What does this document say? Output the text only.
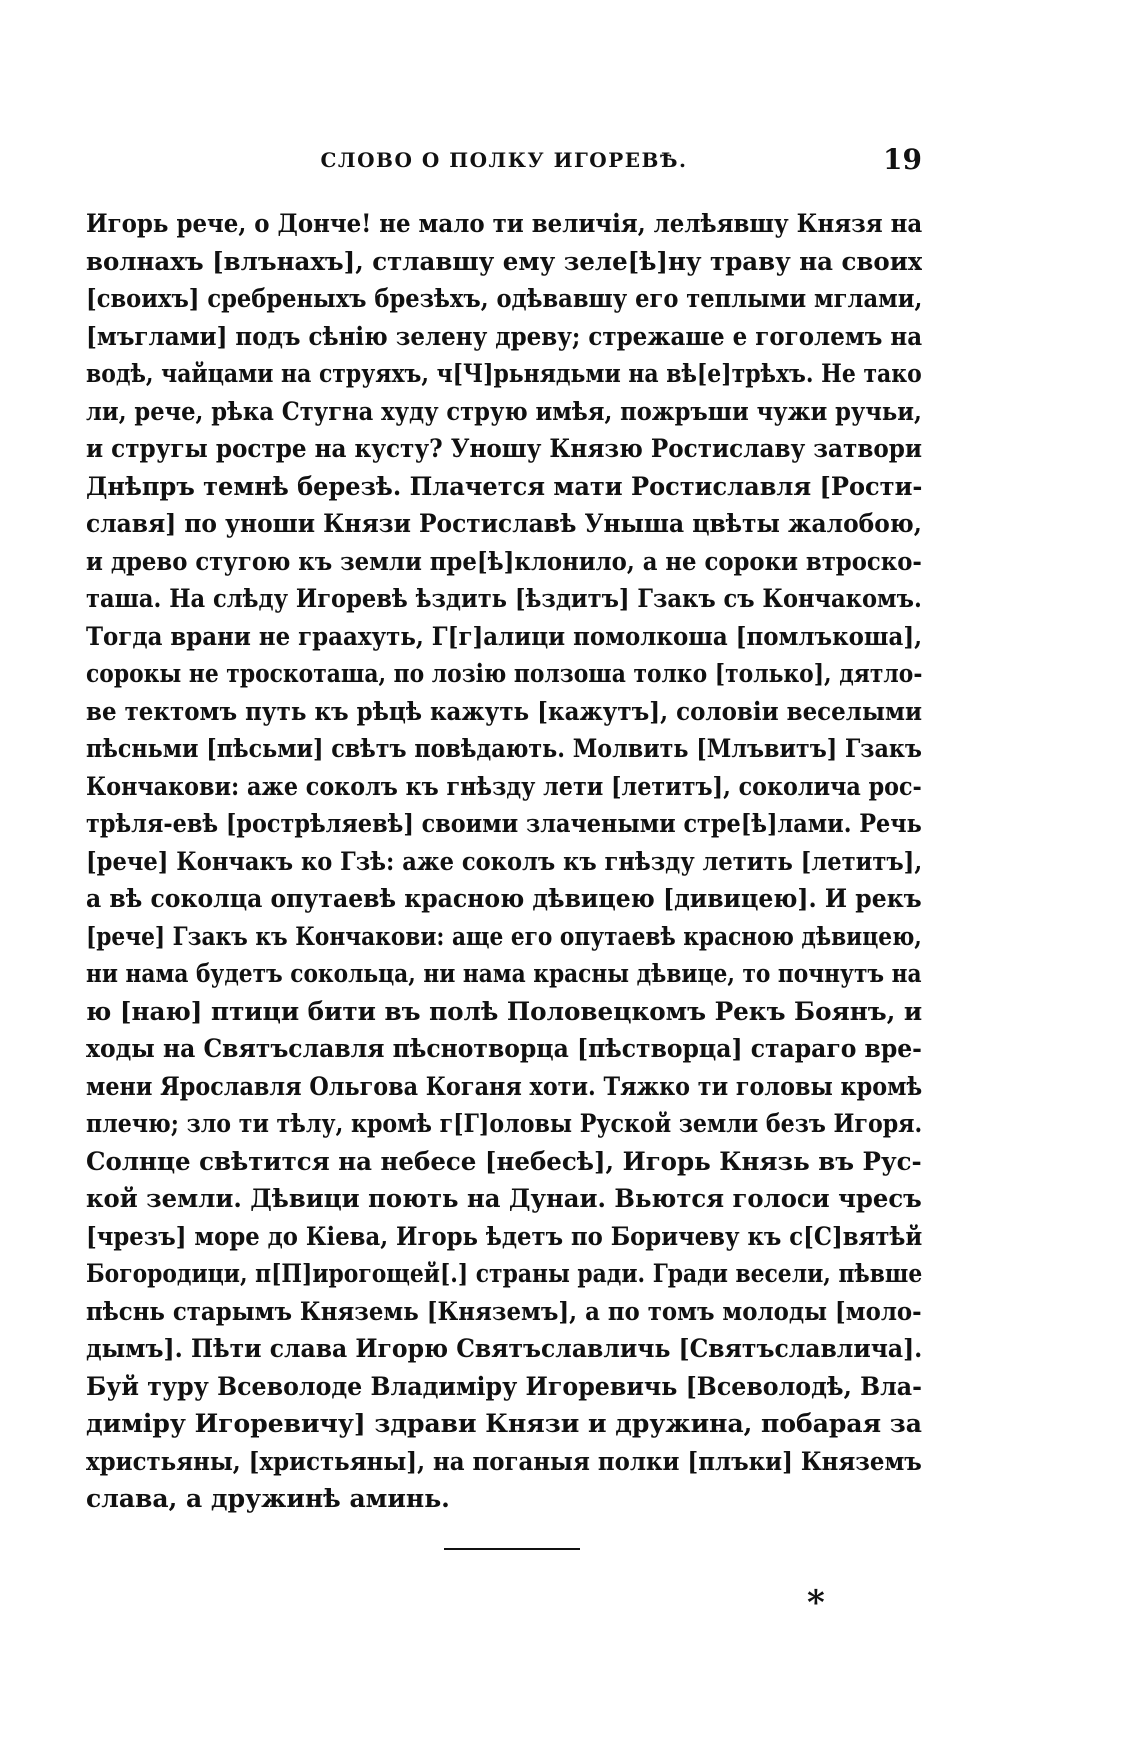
СЛОВО О ПОЛКУ ИГОРЕВѢ.	19
Игорь рече, о Донче! не мало ти величія, лелѣявшу Князя на
волнахъ [влънахъ], стлавшу ему зеле[ѣ]ну траву на своих
[своихъ] сребреныхъ брезѣхъ, одѣвавшу его теплыми мглами,
[мъглами] подъ сѣнію зелену древу; стрежаше е гоголемъ на
водѣ, чайцами на струяхъ, ч[Ч]рьнядьми на вѣ[е]трѣхъ. Не тако
ли, рече, рѣка Стугна худу струю имѣя, пожръши чужи ручьи,
и стругы ростре на кусту? Уношу Князю Ростиславу затвори
Днѣпръ темнѣ березѣ. Плачется мати Ростиславля [Рости-
славя] по уноши Князи Ростиславѣ Уныша цвѣты жалобою,
и древо стугою къ земли пре[ѣ]клонило, а не сороки втроско-
таша. На слѣду Игоревѣ ѣздить [ѣздитъ] Гзакъ съ Кончакомъ.
Тогда врани не граахуть, Г[г]алици помолкоша [помлъкоша],
сорокы не троскоташа, по лозію ползоша толко [только], дятло-
ве тектомъ путь къ рѣцѣ кажуть [кажутъ], соловіи веселыми
пѣсньми [пѣсьми] свѣтъ повѣдають. Молвить [Млъвитъ] Гзакъ
Кончакови: аже соколъ къ гнѣзду лети [летитъ], соколича рос-
трѣля-евѣ [рострѣляевѣ] своими злачеными стре[ѣ]лами. Речь
[рече] Кончакъ ко Гзѣ: аже соколъ къ гнѣзду летить [летитъ],
а вѣ соколца опутаевѣ красною дѣвицею [дивицею]. И рекъ
[рече] Гзакъ къ Кончакови: аще его опутаевѣ красною дѣвицею,
ни нама будетъ сокольца, ни нама красны дѣвице, то почнутъ на
ю [наю] птици бити въ полѣ Половецкомъ Рекъ Боянъ, и
ходы на Святъславля пѣснотворца [пѣстворца] стараго вре-
мени Ярославля Ольгова Коганя хоти. Тяжко ти головы кромѣ
плечю; зло ти тѣлу, кромѣ г[Г]оловы Руской земли безъ Игоря.
Солнце свѣтится на небесе [небесѣ], Игорь Князь въ Рус-
кой земли. Дѣвици поють на Дунаи. Вьются голоси чресъ
[чрезъ] море до Кіева, Игорь ѣдетъ по Боричеву къ с[С]вятѣй
Богородици, п[П]ирогощей[.] страны ради. Гради весели, пѣвше
пѣснь старымъ Княземь [Княземъ], а по томъ молоды [моло-
дымъ]. Пѣти слава Игорю Святъславличь [Святъславлича].
Буй туру Всеволоде Владиміру Игоревичь [Всеволодѣ, Вла-
диміру Игоревичу] здрави Князи и дружина, побарая за
христьяны, [христьяны], на поганыя полки [плъки] Княземъ
слава, а дружинѣ аминь.
*
